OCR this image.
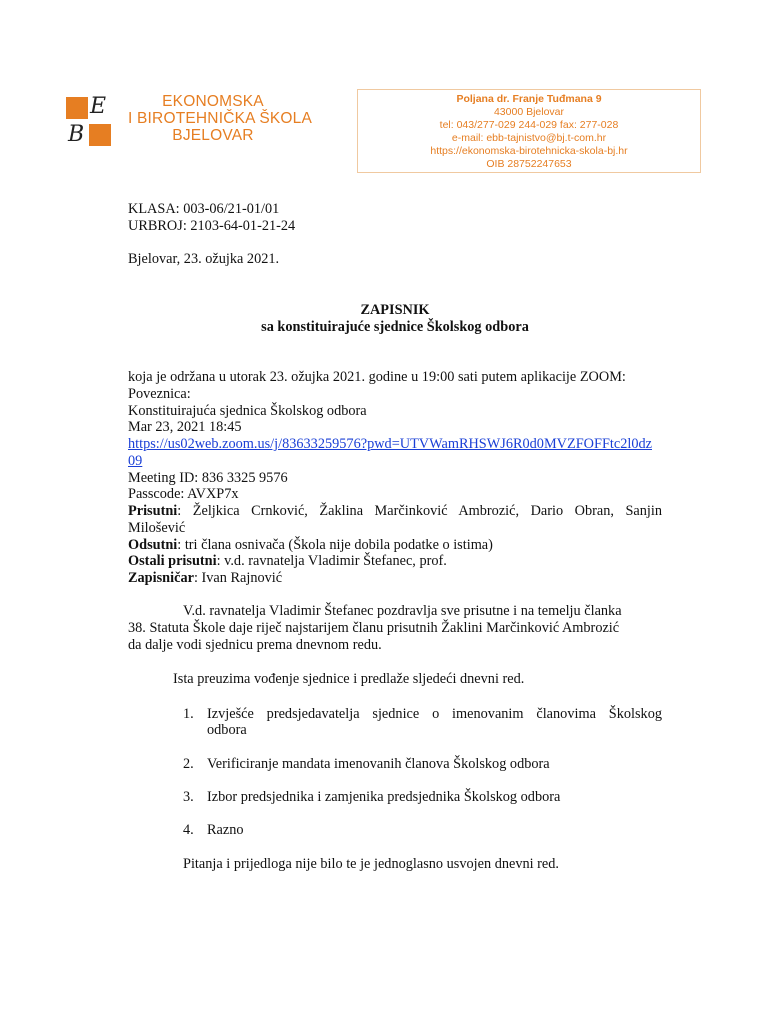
E
B
EKONOMSKA
I BIROTEHNIČKA ŠKOLA
BJELOVAR
Poljana dr. Franje Tuđmana 9
43000 Bjelovar
tel: 043/277-029 244-029 fax: 277-028
e-mail: ebb-tajnistvo@bj.t-com.hr
https://ekonomska-birotehnicka-skola-bj.hr
OIB 28752247653
KLASA: 003-06/21-01/01
URBROJ: 2103-64-01-21-24
Bjelovar, 23. ožujka 2021.
ZAPISNIK
sa konstituirajuće sjednice Školskog odbora
koja je održana u utorak 23. ožujka 2021. godine u 19:00 sati putem aplikacije ZOOM:
Poveznica:
Konstituirajuća sjednica Školskog odbora
Mar 23, 2021 18:45
https://us02web.zoom.us/j/83633259576?pwd=UTVWamRHSWJ6R0d0MVZFOFFtc2l0dz
09
Meeting ID: 836 3325 9576
Passcode: AVXP7x
Prisutni: Željkica Crnković, Žaklina Marčinković Ambrozić, Dario Obran, Sanjin
Milošević
Odsutni: tri člana osnivača (Škola nije dobila podatke o istima)
Ostali prisutni: v.d. ravnatelja Vladimir Štefanec, prof.
Zapisničar: Ivan Rajnović
V.d. ravnatelja Vladimir Štefanec pozdravlja sve prisutne i na temelju članka
38. Statuta Škole daje riječ najstarijem članu prisutnih Žaklini Marčinković Ambrozić
da dalje vodi sjednicu prema dnevnom redu.
Ista preuzima vođenje sjednice i predlaže sljedeći dnevni red.
1. Izvješće predsjedavatelja sjednice o imenovanim članovima Školskog
odbora
2. Verificiranje mandata imenovanih članova Školskog odbora
3. Izbor predsjednika i zamjenika predsjednika Školskog odbora
4. Razno
Pitanja i prijedloga nije bilo te je jednoglasno usvojen dnevni red.
